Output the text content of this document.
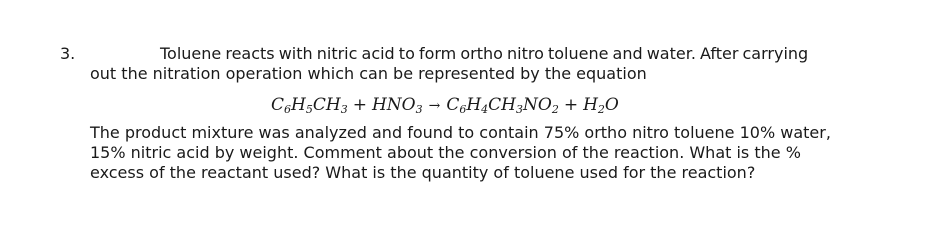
3.	Toluene reacts with nitric acid to form ortho nitro toluene and water. After carrying
out the nitration operation which can be represented by the equation
$C_6H_5CH_3 + HNO_3 \to C_6H_4CH_3NO_2 + H_2O$
The product mixture was analyzed and found to contain 75% ortho nitro toluene 10% water,
15% nitric acid by weight. Comment about the conversion of the reaction. What is the %
excess of the reactant used? What is the quantity of toluene used for the reaction?
